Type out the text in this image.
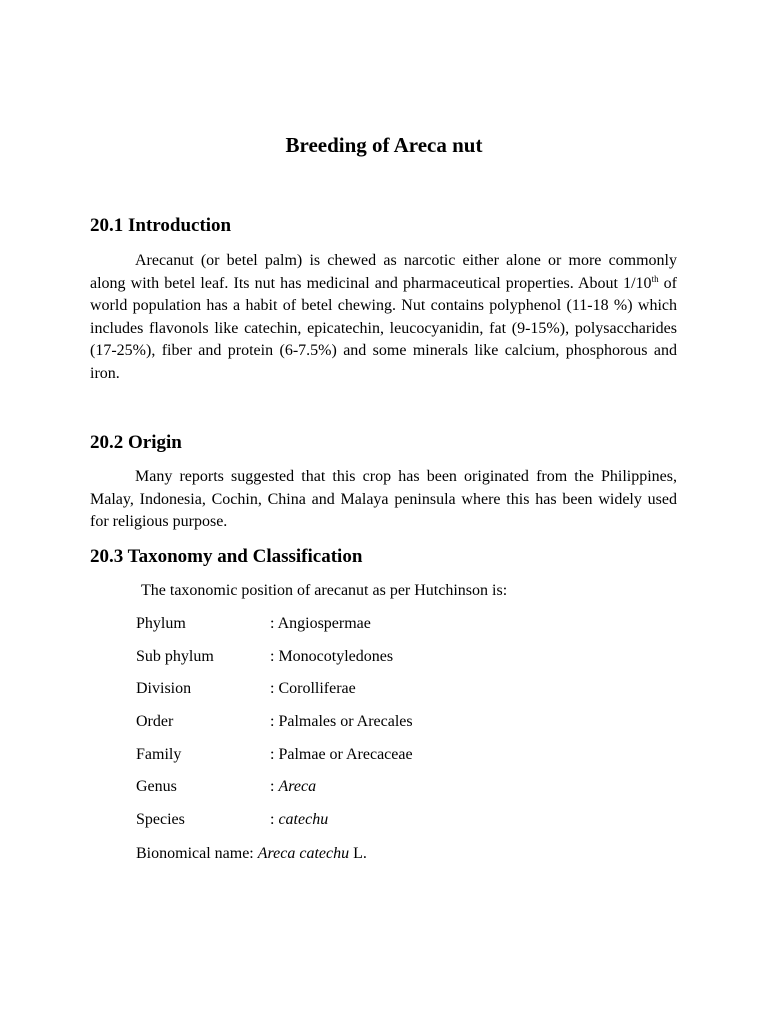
Breeding of Areca nut
20.1 Introduction

Arecanut (or betel palm) is chewed as narcotic either alone or more commonly along with betel leaf. Its nut has medicinal and pharmaceutical properties. About 1/10th of world population has a habit of betel chewing. Nut contains polyphenol (11-18 %) which includes flavonols like catechin, epicatechin, leucocyanidin, fat (9-15%), polysaccharides (17-25%), fiber and protein (6-7.5%) and some minerals like calcium, phosphorous and iron.

20.2 Origin

Many reports suggested that this crop has been originated from the Philippines, Malay, Indonesia, Cochin, China and Malaya peninsula where this has been widely used for religious purpose.

20.3 Taxonomy and Classification
The taxonomic position of arecanut as per Hutchinson is:
Phylum	: Angiospermae
Sub phylum	: Monocotyledones
Division	: Corolliferae
Order	: Palmales or Arecales
Family	: Palmae or Arecaceae
Genus	: Areca
Species	: catechu
Bionomical name: Areca catechu L.
